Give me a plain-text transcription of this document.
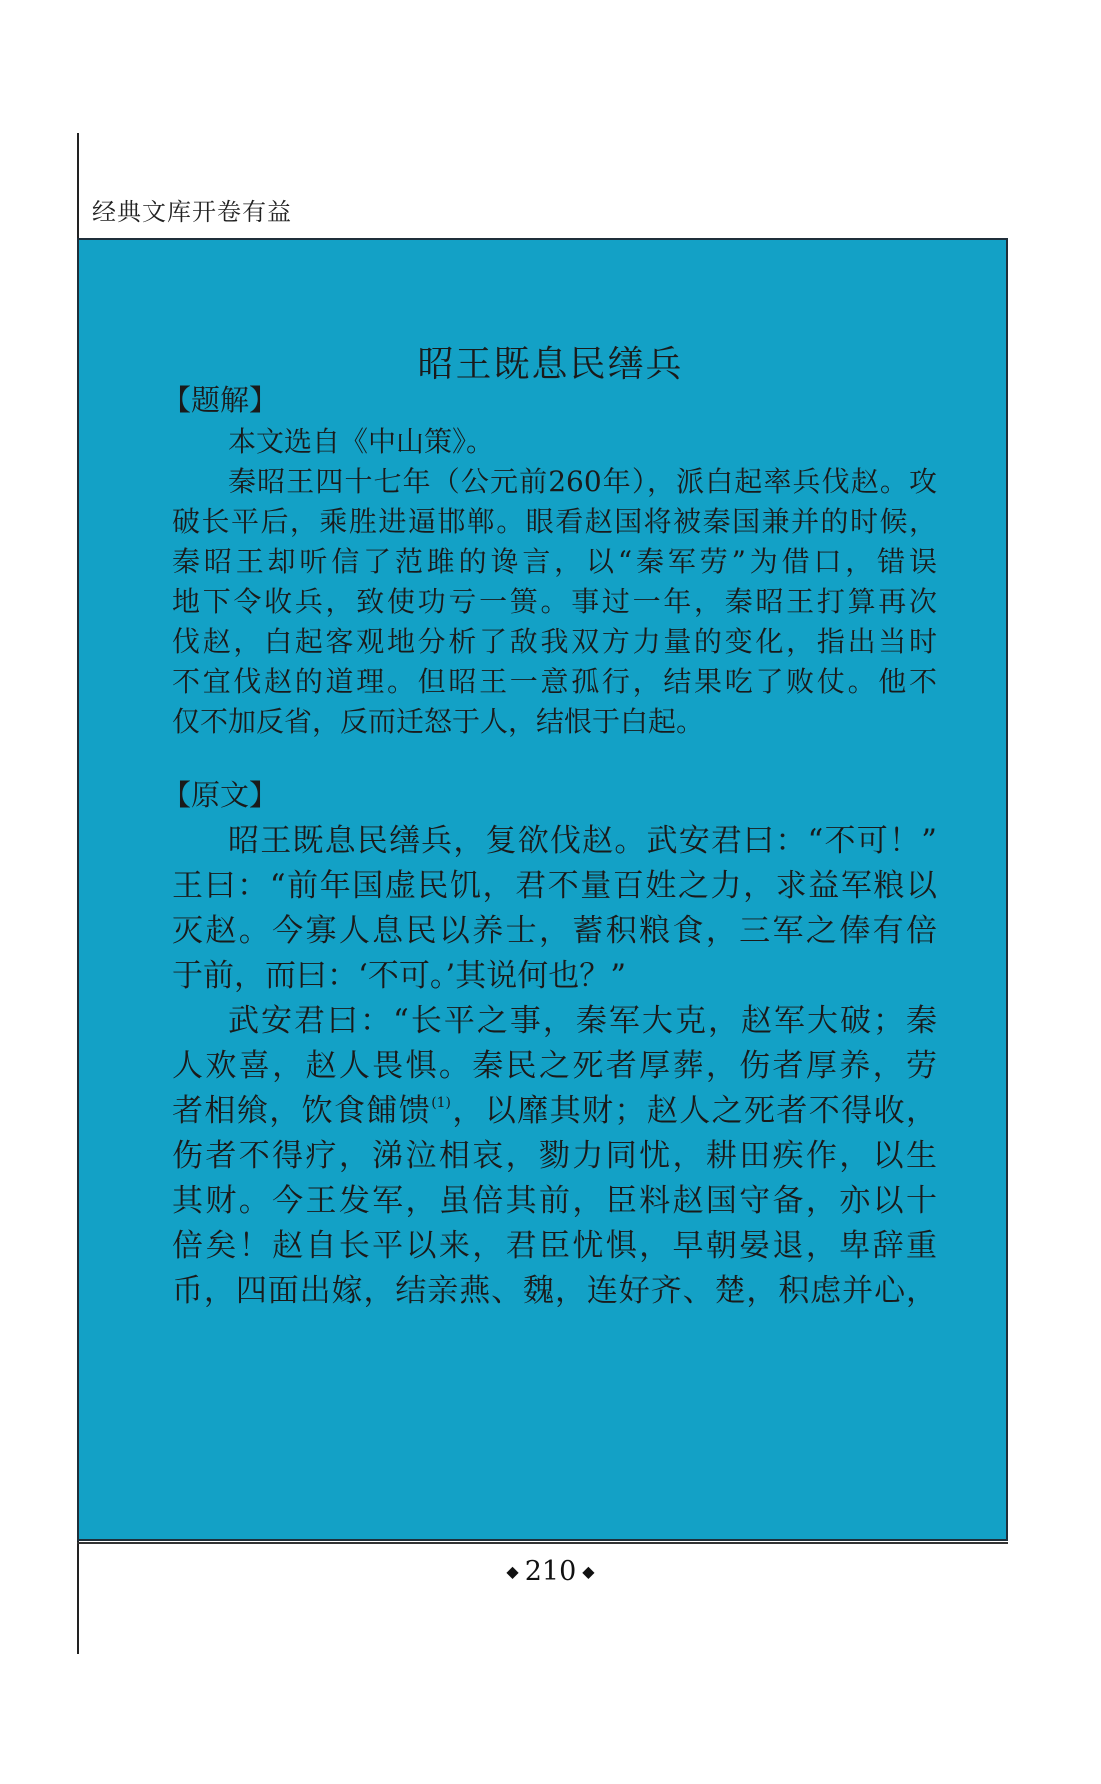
经典文库开卷有益
昭王既息民缮兵
【题解】
本文选自《中山策》。
秦昭王四十七年（公元前260年），派白起率兵伐赵。攻
破长平后，乘胜进逼邯郸。眼看赵国将被秦国兼并的时候，
秦昭王却听信了范雎的谗言，以“秦军劳”为借口，错误
地下令收兵，致使功亏一篑。事过一年，秦昭王打算再次
伐赵，白起客观地分析了敌我双方力量的变化，指出当时
不宜伐赵的道理。但昭王一意孤行，结果吃了败仗。他不
仅不加反省，反而迁怒于人，结恨于白起。
【原文】
昭王既息民缮兵，复欲伐赵。武安君曰：“不可！”
王曰：“前年国虚民饥，君不量百姓之力，求益军粮以
灭赵。今寡人息民以养士，蓄积粮食，三军之俸有倍
于前，而曰：‘不可。’其说何也？”
武安君曰：“长平之事，秦军大克，赵军大破；秦
人欢喜，赵人畏惧。秦民之死者厚葬，伤者厚养，劳
者相飨，饮食餔馈$^{(1)}$，以靡其财；赵人之死者不得收，
伤者不得疗，涕泣相哀，勠力同忧，耕田疾作，以生
其财。今王发军，虽倍其前，臣料赵国守备，亦以十
倍矣！赵自长平以来，君臣忧惧，早朝晏退，卑辞重
币，四面出嫁，结亲燕、魏，连好齐、楚，积虑并心，
◆ 210 ◆
